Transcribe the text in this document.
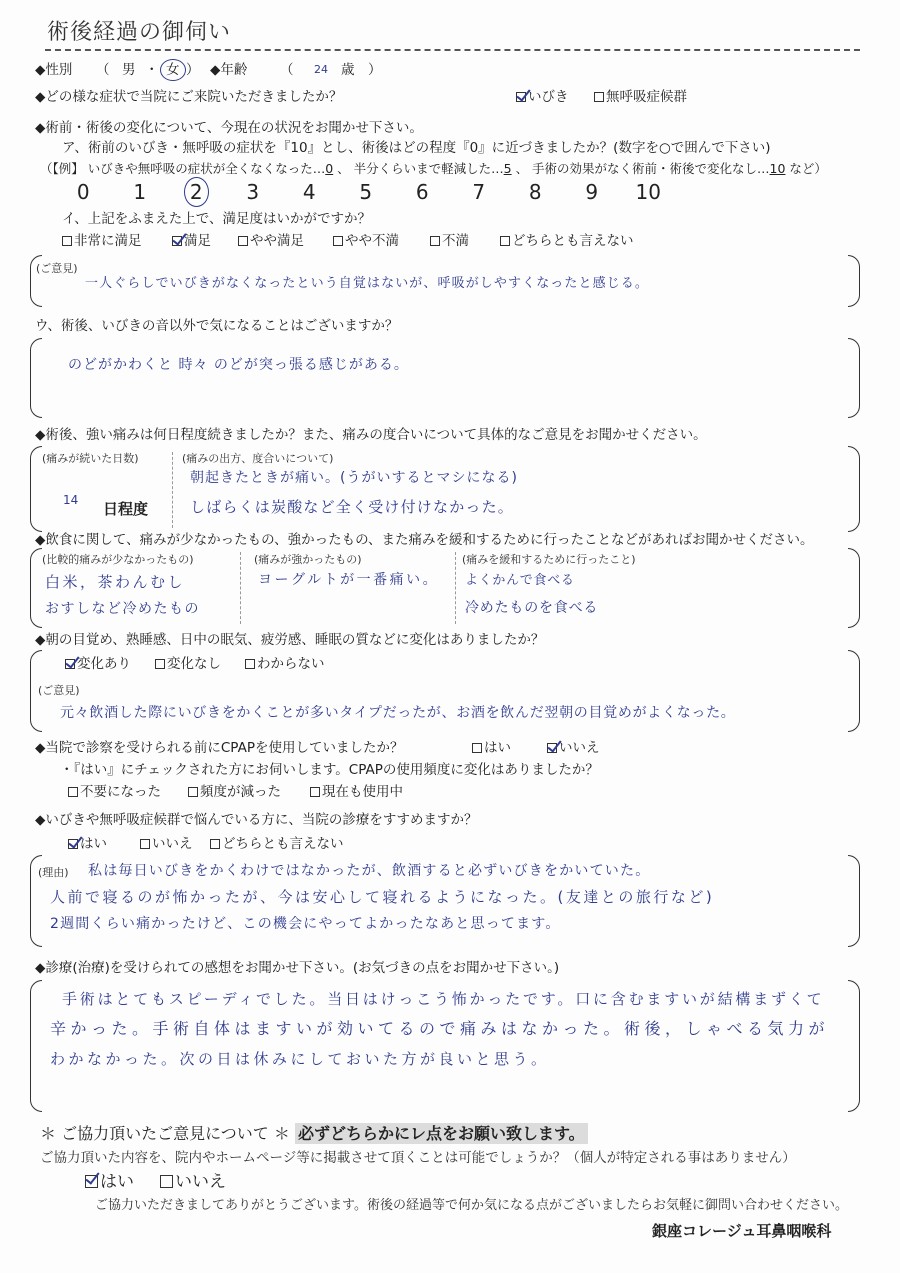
術後経過の御伺い
◆性別 （ 男 ・ 女 ） ◆年齢 （ 24 歳 ）
◆どの様な症状で当院にご来院いただきましたか？	いびき	無呼吸症候群
◆術前・術後の変化について、今現在の状況をお聞かせ下さい。
ア、術前のいびき・無呼吸の症状を『10』とし、術後はどの程度『0』に近づきましたか？(数字を○で囲んで下さい)
（【例】 いびきや無呼吸の症状が全くなくなった…0 、 半分くらいまで軽減した…5 、 手術の効果がなく術前・術後で変化なし…10 など）
0	1	2	3	4	5	6	7	8	9	10
イ、上記をふまえた上で、満足度はいかがですか？
非常に満足	満足	やや満足	やや不満	不満	どちらとも言えない
(ご意見)
一人ぐらしでいびきがなくなったという自覚はないが、呼吸がしやすくなったと感じる。
ウ、術後、いびきの音以外で気になることはございますか？
のどがかわくと 時々 のどが突っ張る感じがある。
◆術後、強い痛みは何日程度続きましたか？また、痛みの度合いについて具体的なご意見をお聞かせください。
(痛みが続いた日数)
14 日程度
(痛みの出方、度合いについて)
朝起きたときが痛い。(うがいするとマシになる)
しばらくは炭酸など全く受け付けなかった。
◆飲食に関して、痛みが少なかったもの、強かったもの、また痛みを緩和するために行ったことなどがあればお聞かせください。
(比較的痛みが少なかったもの)
白米，茶わんむし
おすしなど冷めたもの
(痛みが強かったもの)
ヨーグルトが一番痛い。
(痛みを緩和するために行ったこと)
よくかんで食べる
冷めたものを食べる
◆朝の目覚め、熟睡感、日中の眠気、疲労感、睡眠の質などに変化はありましたか？
変化あり	変化なし	わからない
(ご意見)
元々飲酒した際にいびきをかくことが多いタイプだったが、お酒を飲んだ翌朝の目覚めがよくなった。
◆当院で診察を受けられる前にCPAPを使用していましたか？	はい	いいえ
・『はい』にチェックされた方にお伺いします。CPAPの使用頻度に変化はありましたか？
不要になった	頻度が減った	現在も使用中
◆いびきや無呼吸症候群で悩んでいる方に、当院の診療をすすめますか？
はい	いいえ	どちらとも言えない
(理由) 私は毎日いびきをかくわけではなかったが、飲酒すると必ずいびきをかいていた。
人前で寝るのが怖かったが、今は安心して寝れるようになった。(友達との旅行など)
2週間くらい痛かったけど、この機会にやってよかったなあと思ってます。
◆診療(治療)を受けられての感想をお聞かせ下さい。(お気づきの点をお聞かせ下さい。)
手術はとてもスピーディでした。当日はけっこう怖かったです。口に含むますいが結構まずくて
辛かった。手術自体はますいが効いてるので痛みはなかった。術後，しゃべる気力が
わかなかった。次の日は休みにしておいた方が良いと思う。
＊ ご協力頂いたご意見について ＊ 必ずどちらかにレ点をお願い致します。
ご協力頂いた内容を、院内やホームページ等に掲載させて頂くことは可能でしょうか？（個人が特定される事はありません）
はい	いいえ
ご協力いただきましてありがとうございます。術後の経過等で何か気になる点がございましたらお気軽に御問い合わせください。
銀座コレージュ耳鼻咽喉科
